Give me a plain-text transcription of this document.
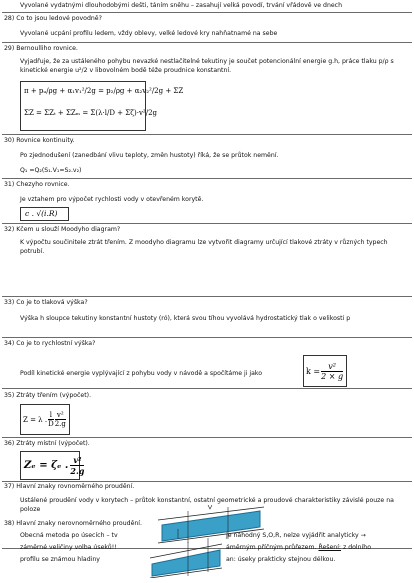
Vyvolané vydatnými dlouhodobými dešti, táním sněhu – zasahují velká povodí, trvání vřádově ve dnech
28) Co to jsou ledové povodně?
Vyvolané ucpání profilu ledem, vždy oblevy, velké ledové kry nahňatnamé na sebe
29) Bernoulliho rovnice.
Vyjadřuje, že za ustáleného pohybu nevazké nestlačitelné tekutiny je součet potencionální energie g.h, práce tlaku p/ρ s kinetické energie u²/2 v libovolném bodě téže proudnice konstantní.
π + pᵤ/ρg + α₁v₁²/2g = p₂/ρg + α₂v₂²/2g + ΣZ
ΣZ = ΣZₜ + ΣZₘ = Σ(λ·l/D + Σζ)·v²/2g
30) Rovnice kontinuity.
Po zjednodušení (zanedbání vlivu teploty, změn hustoty) říká, že se průtok nemění.
Q₁ =Q₂(S₁.V₁=S₂.v₂)
31) Chezyho rovnice.
Je vztahem pro výpočet rychlosti vody v otevřeném korytě.
c . √(i.R)
32) Kčem u slouží Moodyho diagram?
K výpočtu součinitele ztrát třením. Z moodyho diagramu lze vytvořit diagramy určující tlakové ztráty v různých typech potrubí.
33) Co je to tlaková výška?
Výška h sloupce tekutiny konstantní hustoty (ró), která svou tíhou vyvolává hydrostatický tlak o velikosti p
34) Co je to rychlostní výška?
Podíl kinetické energie vyplývající z pohybu vody v návodě a spočítáme ji jako	$k = \frac{\text{v²}}{2 \times g}$
35) Ztráty třením (výpočet).
Z = λ . $\frac{l}{D} \frac{\text{v²}}{2.g}$
36) Ztráty místní (výpočet).
Zₑ = ζₑ . $\frac{\text{v²}}{2.g}$
37) Hlavní znaky rovnoměrného proudění.
Ustálené proudění vody v korytech – průtok konstantní, ostatní geometrické a proudové charakteristiky závislé pouze na poloze
38) Hlavní znaky nerovnoměrného proudění.
Obecná metoda po úsecích – tv	je náhodný S,O,R, nelze vyjádřit analyticky →
záměrné veličiny volba úseků!!	áměrným příčným průřezem. Řešení: z dolního
profilu se známou hladiny	an: úseky prakticky stejnou délkou.
